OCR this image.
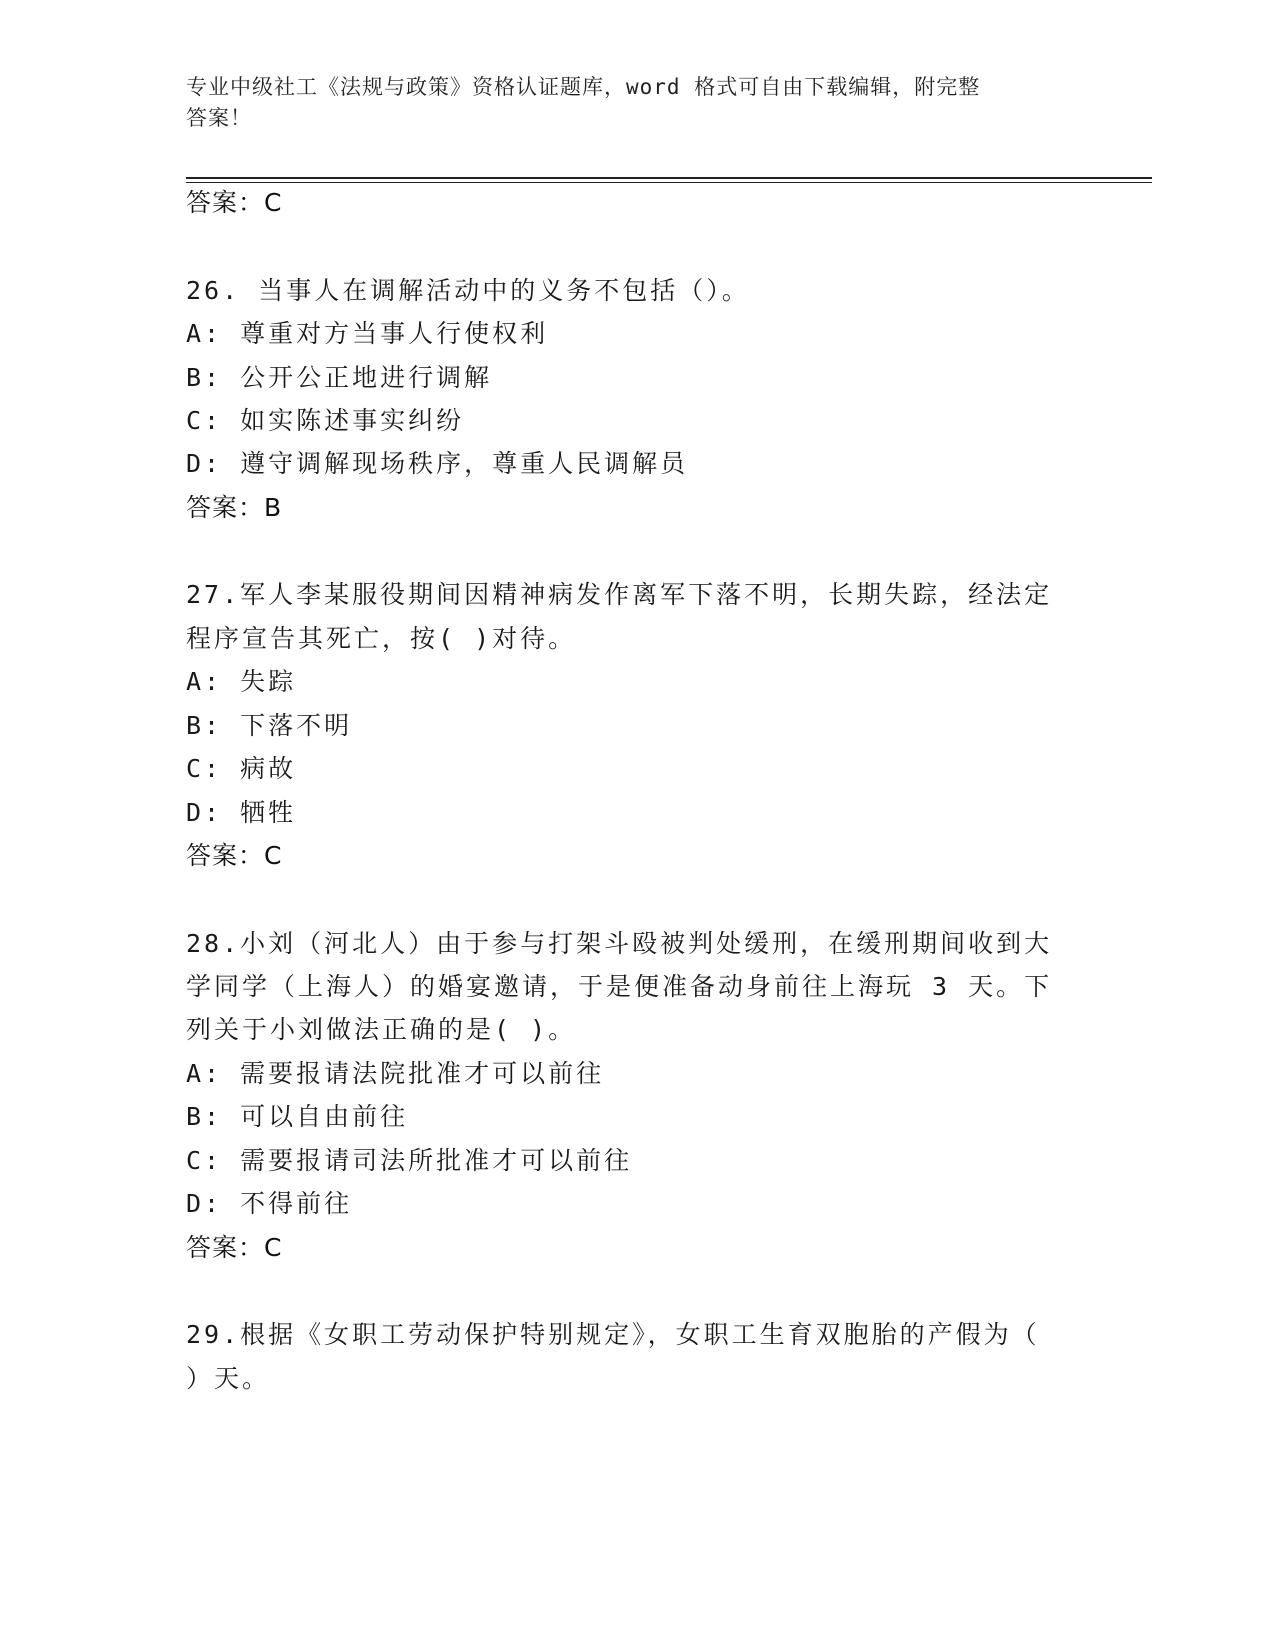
专业中级社工《法规与政策》资格认证题库，word 格式可自由下载编辑，附完整
答案！
答案：C
26. 当事人在调解活动中的义务不包括（）。
A: 尊重对方当事人行使权利
B: 公开公正地进行调解
C: 如实陈述事实纠纷
D: 遵守调解现场秩序，尊重人民调解员
答案：B
27.军人李某服役期间因精神病发作离军下落不明，长期失踪，经法定
程序宣告其死亡，按( )对待。
A: 失踪
B: 下落不明
C: 病故
D: 牺牲
答案：C
28.小刘（河北人）由于参与打架斗殴被判处缓刑，在缓刑期间收到大
学同学（上海人）的婚宴邀请，于是便准备动身前往上海玩 3 天。下
列关于小刘做法正确的是( )。
A: 需要报请法院批准才可以前往
B: 可以自由前往
C: 需要报请司法所批准才可以前往
D: 不得前往
答案：C
29.根据《女职工劳动保护特别规定》，女职工生育双胞胎的产假为（
）天。
